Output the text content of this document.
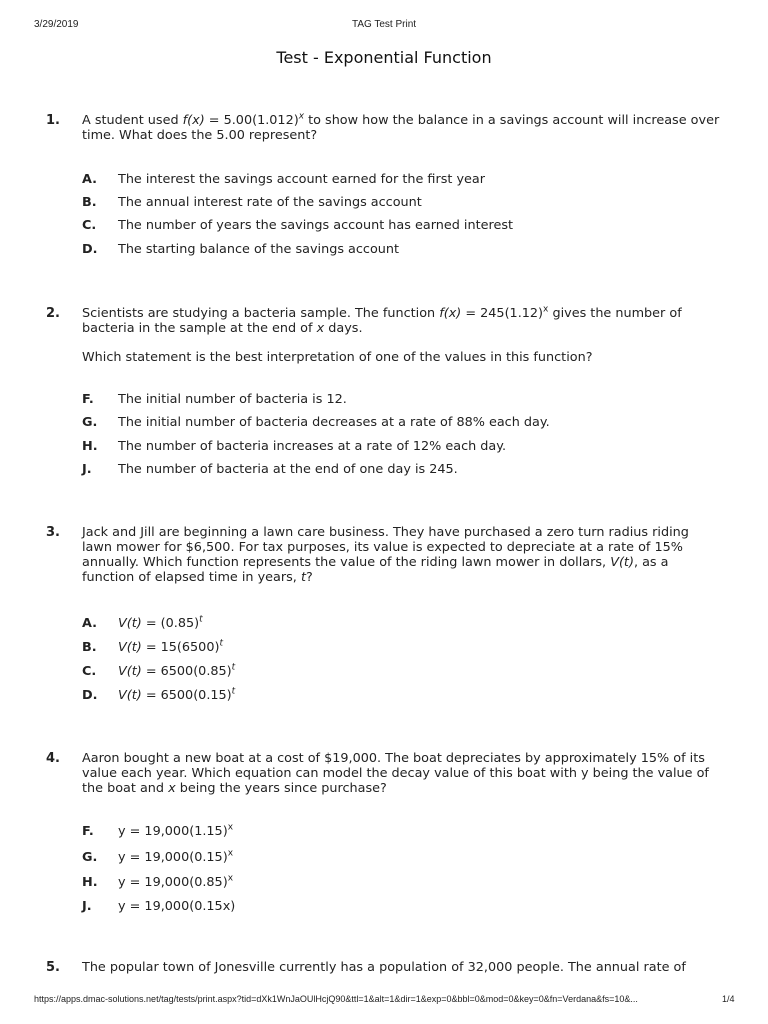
3/29/2019	TAG Test Print
Test - Exponential Function
1. A student used $f(x) = 5.00(1.012)^x$ to show how the balance in a savings account will increase over time. What does the 5.00 represent?

A. The interest the savings account earned for the first year
B. The annual interest rate of the savings account
C. The number of years the savings account has earned interest
D. The starting balance of the savings account
2. Scientists are studying a bacteria sample. The function $f(x) = 245(1.12)^x$ gives the number of bacteria in the sample at the end of x days.

Which statement is the best interpretation of one of the values in this function?
F. The initial number of bacteria is 12.
G. The initial number of bacteria decreases at a rate of 88% each day.
H. The number of bacteria increases at a rate of 12% each day.
J. The number of bacteria at the end of one day is 245.
3. Jack and Jill are beginning a lawn care business. They have purchased a zero turn radius riding lawn mower for $6,500. For tax purposes, its value is expected to depreciate at a rate of 15% annually. Which function represents the value of the riding lawn mower in dollars, V(t), as a function of elapsed time in years, t?

A. $V(t) = (0.85)^t$
B. $V(t) = 15(6500)^t$
C. $V(t) = 6500(0.85)^t$
D. $V(t) = 6500(0.15)^t$
4. Aaron bought a new boat at a cost of $19,000. The boat depreciates by approximately 15% of its value each year. Which equation can model the decay value of this boat with y being the value of the boat and x being the years since purchase?

F. $y = 19,000(1.15)^x$
G. $y = 19,000(0.15)^x$
H. $y = 19,000(0.85)^x$
J. y = 19,000(0.15x)
5. The popular town of Jonesville currently has a population of 32,000 people. The annual rate of

https://apps.dmac-solutions.net/tag/tests/print.aspx?tid=dXk1WnJaOUlHcjQ90&ttl=1&alt=1&dir=1&exp=0&bbl=0&mod=0&key=0&fn=Verdana&fs=10&...	1/4
